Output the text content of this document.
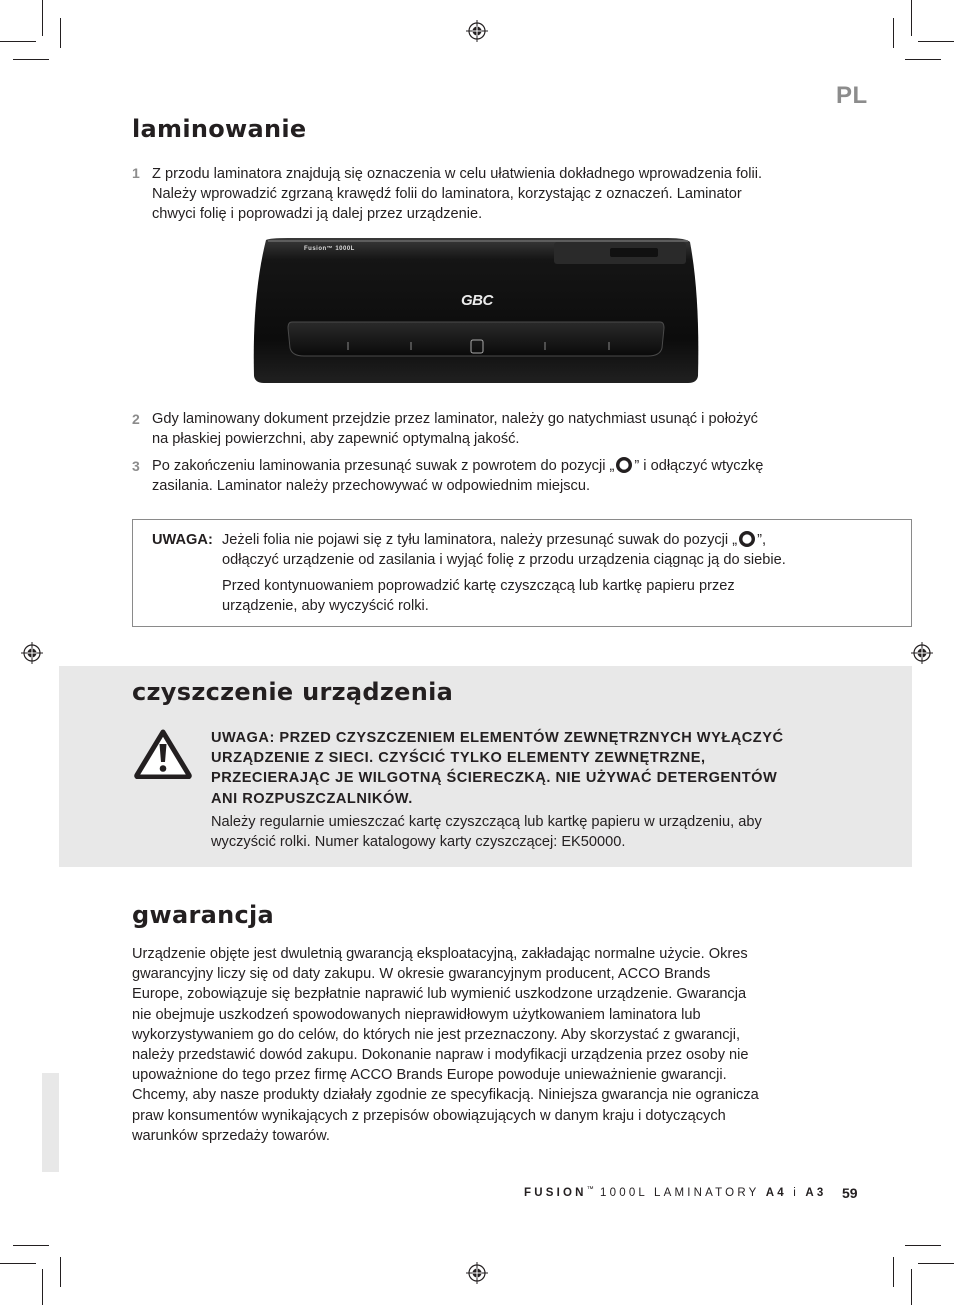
PL
laminowanie
1 Z przodu laminatora znajdują się oznaczenia w celu ułatwienia dokładnego wprowadzenia folii.
Należy wprowadzić zgrzaną krawędź folii do laminatora, korzystając z oznaczeń. Laminator
chwyci folię i poprowadzi ją dalej przez urządzenie.
Fusion™ 1000L
GBC
2 Gdy laminowany dokument przejdzie przez laminator, należy go natychmiast usunąć i położyć
na płaskiej powierzchni, aby zapewnić optymalną jakość.
3 Po zakończeniu laminowania przesunąć suwak z powrotem do pozycji „ ” i odłączyć wtyczkę
zasilania. Laminator należy przechowywać w odpowiednim miejscu.
UWAGA: Jeżeli folia nie pojawi się z tyłu laminatora, należy przesunąć suwak do pozycji „ ”,
odłączyć urządzenie od zasilania i wyjąć folię z przodu urządzenia ciągnąc ją do siebie.
Przed kontynuowaniem poprowadzić kartę czyszczącą lub kartkę papieru przez
urządzenie, aby wyczyścić rolki.
czyszczenie urządzenia
UWAGA: PRZED CZYSZCZENIEM ELEMENTÓW ZEWNĘTRZNYCH WYŁĄCZYĆ
URZĄDZENIE Z SIECI. CZYŚCIĆ TYLKO ELEMENTY ZEWNĘTRZNE,
PRZECIERAJĄC JE WILGOTNĄ ŚCIERECZKĄ. NIE UŻYWAĆ DETERGENTÓW
ANI ROZPUSZCZALNIKÓW.
Należy regularnie umieszczać kartę czyszczącą lub kartkę papieru w urządzeniu, aby
wyczyścić rolki. Numer katalogowy karty czyszczącej: EK50000.
gwarancja
Urządzenie objęte jest dwuletnią gwarancją eksploatacyjną, zakładając normalne użycie. Okres
gwarancyjny liczy się od daty zakupu. W okresie gwarancyjnym producent, ACCO Brands
Europe, zobowiązuje się bezpłatnie naprawić lub wymienić uszkodzone urządzenie. Gwarancja
nie obejmuje uszkodzeń spowodowanych nieprawidłowym użytkowaniem laminatora lub
wykorzystywaniem go do celów, do których nie jest przeznaczony. Aby skorzystać z gwarancji,
należy przedstawić dowód zakupu. Dokonanie napraw i modyfikacji urządzenia przez osoby nie
upoważnione do tego przez firmę ACCO Brands Europe powoduje unieważnienie gwarancji.
Chcemy, aby nasze produkty działały zgodnie ze specyfikacją. Niniejsza gwarancja nie ogranicza
praw konsumentów wynikających z przepisów obowiązujących w danym kraju i dotyczących
warunków sprzedaży towarów.
FUSION™ 1000L LAMINATORY A4 i A3 59
